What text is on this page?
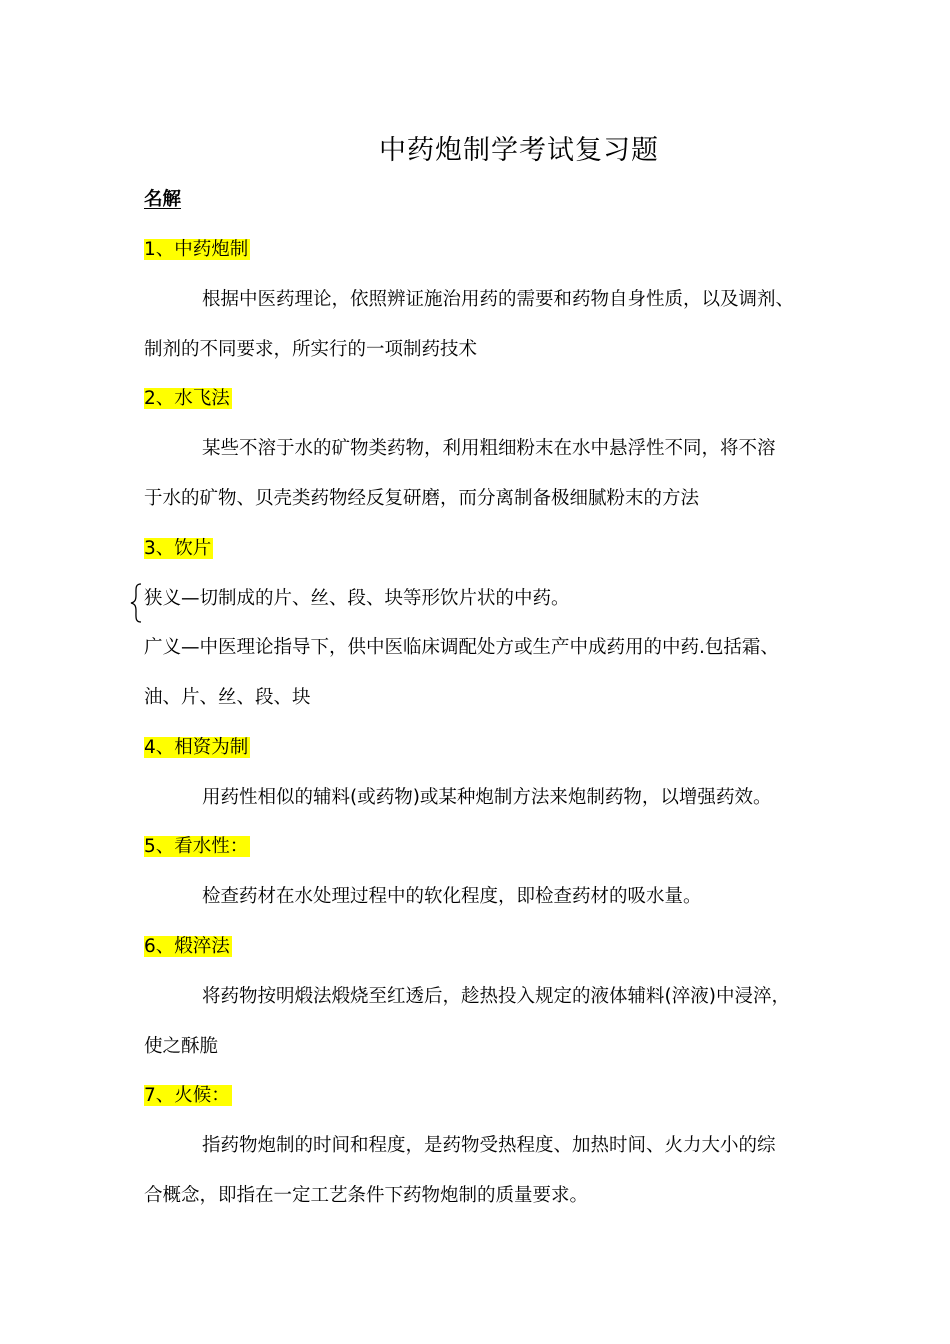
中药炮制学考试复习题
名解
1、中药炮制
根据中医药理论，依照辨证施治用药的需要和药物自身性质，以及调剂、
制剂的不同要求，所实行的一项制药技术
2、水飞法
某些不溶于水的矿物类药物，利用粗细粉末在水中悬浮性不同，将不溶
于水的矿物、贝壳类药物经反复研磨，而分离制备极细腻粉末的方法
3、饮片
狭义—切制成的片、丝、段、块等形饮片状的中药。
广义—中医理论指导下，供中医临床调配处方或生产中成药用的中药.包括霜、
油、片、丝、段、块
4、相资为制
用药性相似的辅料(或药物)或某种炮制方法来炮制药物，以增强药效。
5、看水性：
检查药材在水处理过程中的软化程度，即检查药材的吸水量。
6、煅淬法
将药物按明煅法煅烧至红透后，趁热投入规定的液体辅料(淬液)中浸淬，
使之酥脆
7、火候：
指药物炮制的时间和程度，是药物受热程度、加热时间、火力大小的综
合概念，即指在一定工艺条件下药物炮制的质量要求。
